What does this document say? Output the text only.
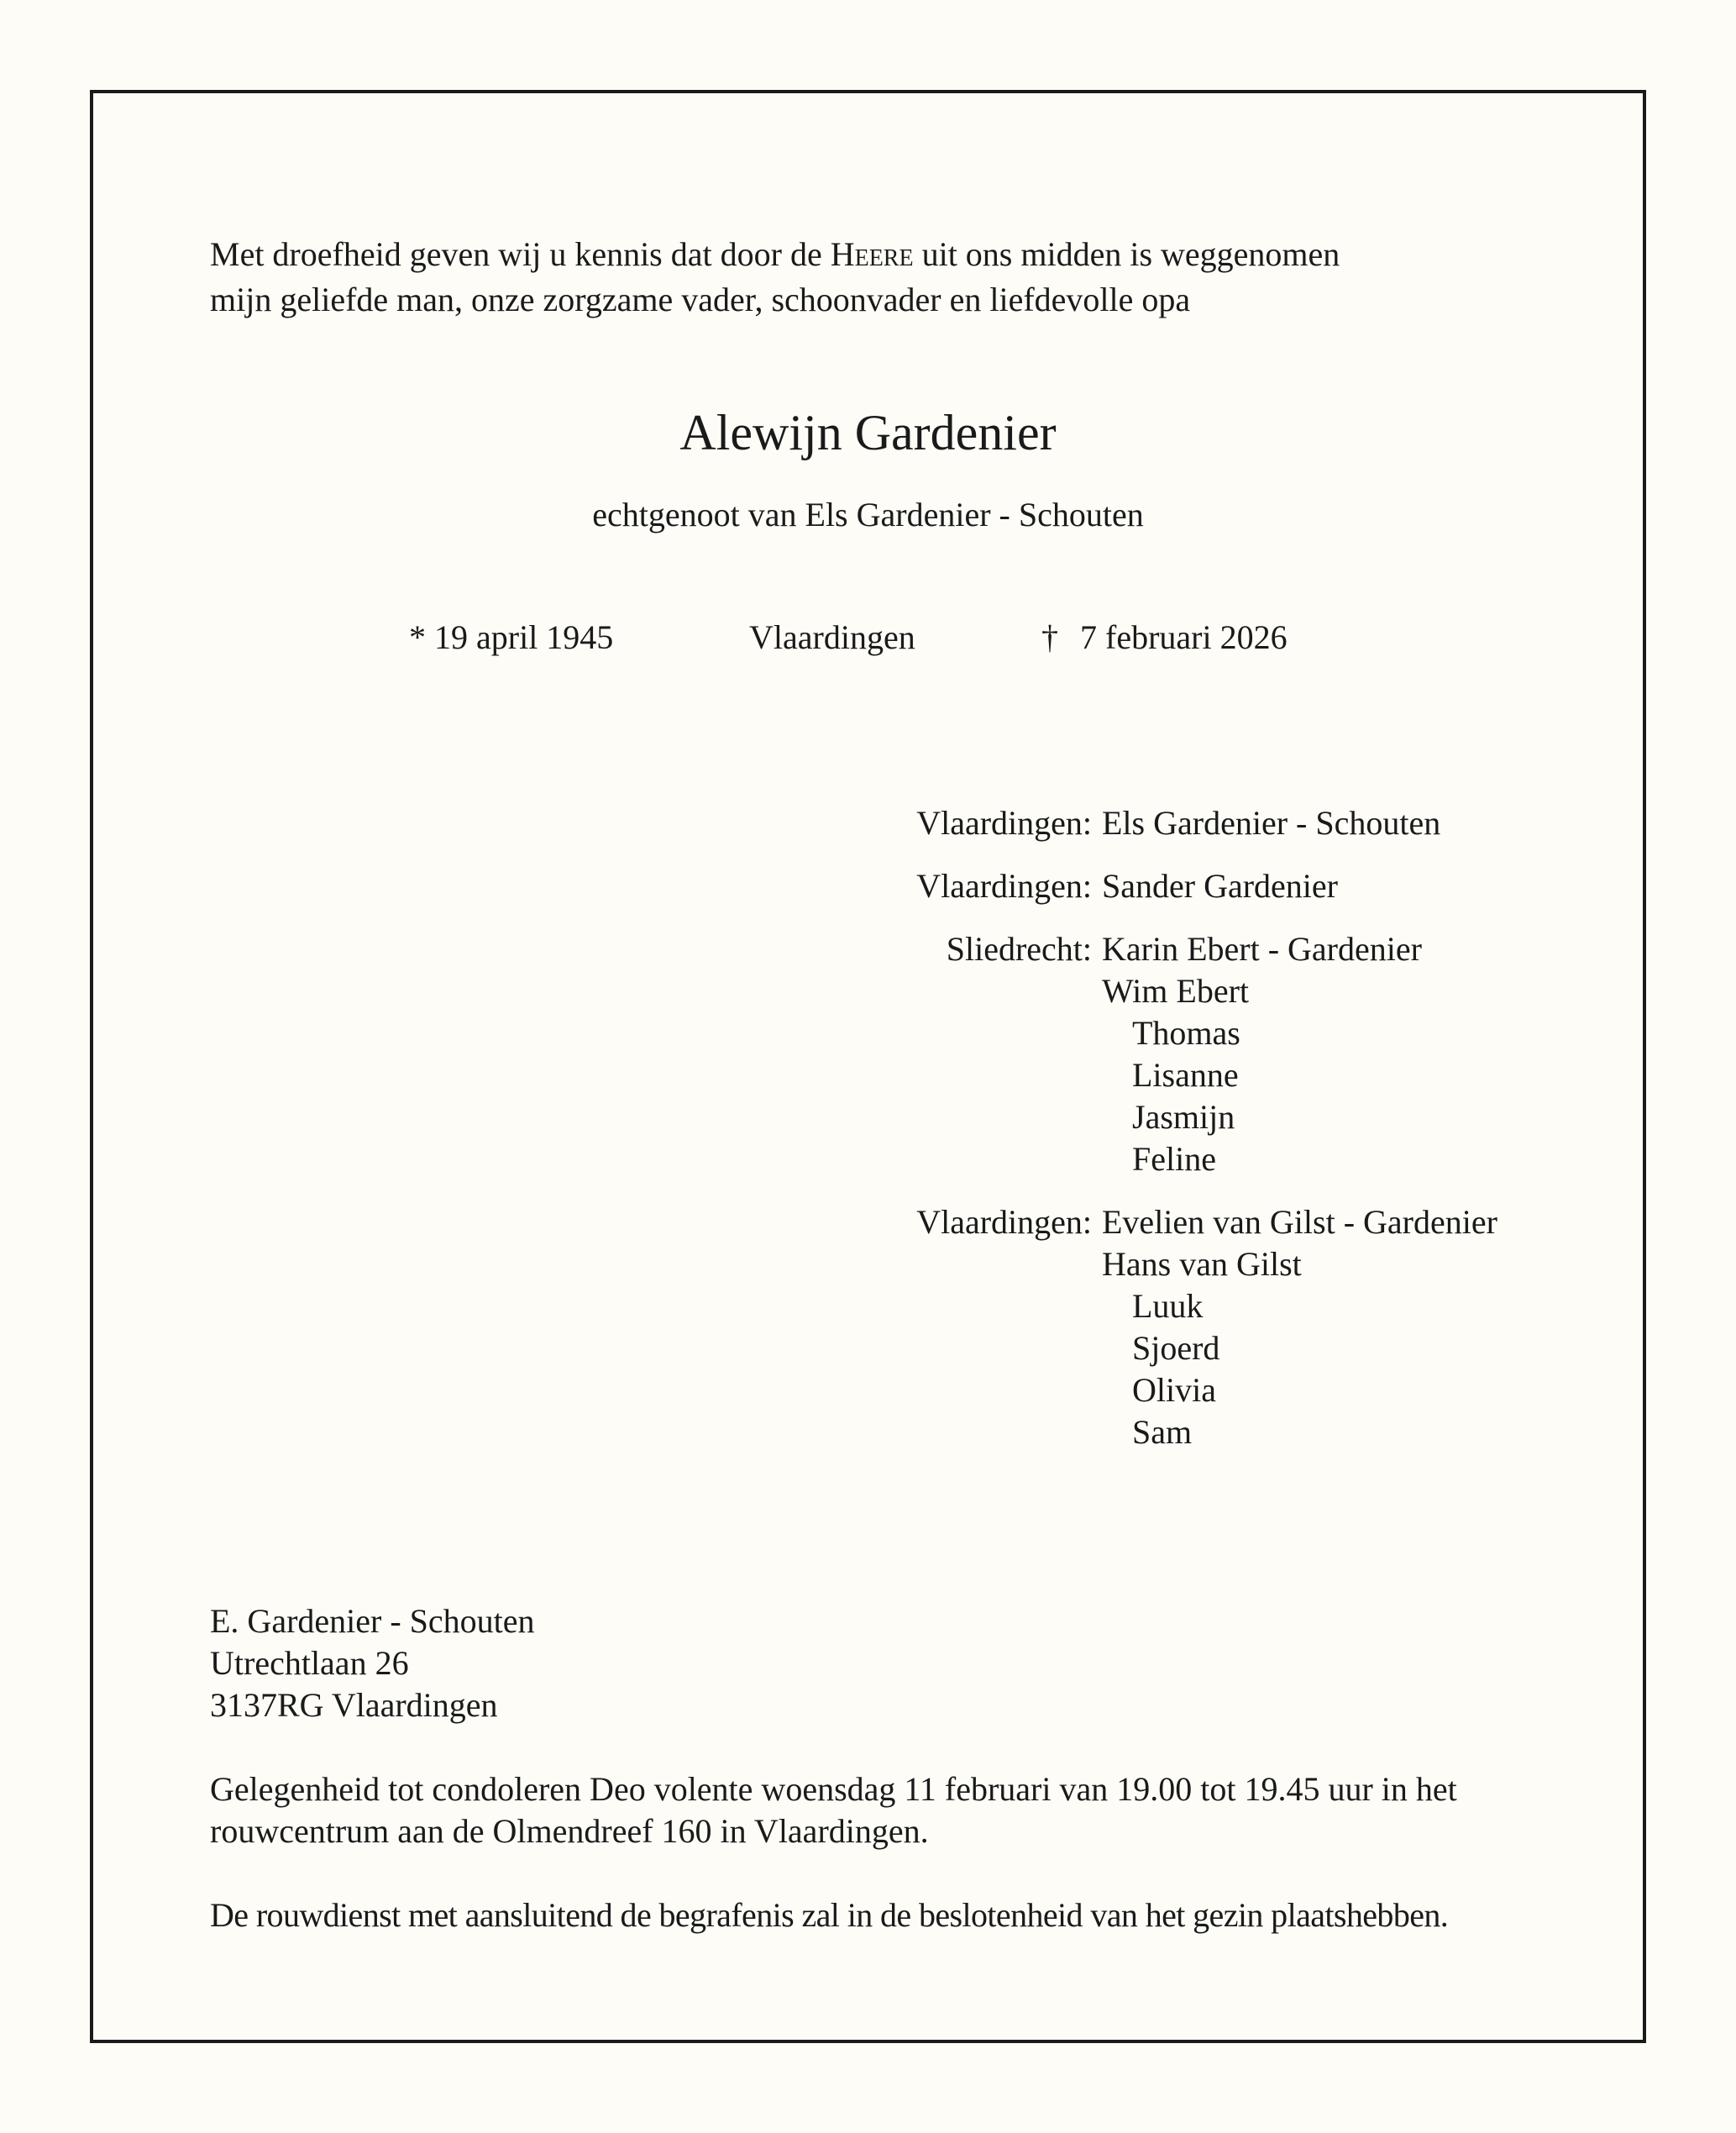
Met droefheid geven wij u kennis dat door de Heere uit ons midden is weggenomen

mijn geliefde man, onze zorgzame vader, schoonvader en liefdevolle opa

Alewijn Gardenier
echtgenoot van Els Gardenier - Schouten
* 19 april 1945	Vlaardingen	† 7 februari 2026
Vlaardingen: Els Gardenier - Schouten
Vlaardingen: Sander Gardenier
Sliedrecht: Karin Ebert - Gardenier
Wim Ebert
Thomas
Lisanne
Jasmijn
Feline
Vlaardingen: Evelien van Gilst - Gardenier
Hans van Gilst
Luuk
Sjoerd
Olivia
Sam
E. Gardenier - Schouten
Utrechtlaan 26
3137RG Vlaardingen

Gelegenheid tot condoleren Deo volente woensdag 11 februari van 19.00 tot 19.45 uur in het

rouwcentrum aan de Olmendreef 160 in Vlaardingen.

De rouwdienst met aansluitend de begrafenis zal in de beslotenheid van het gezin plaatshebben.
